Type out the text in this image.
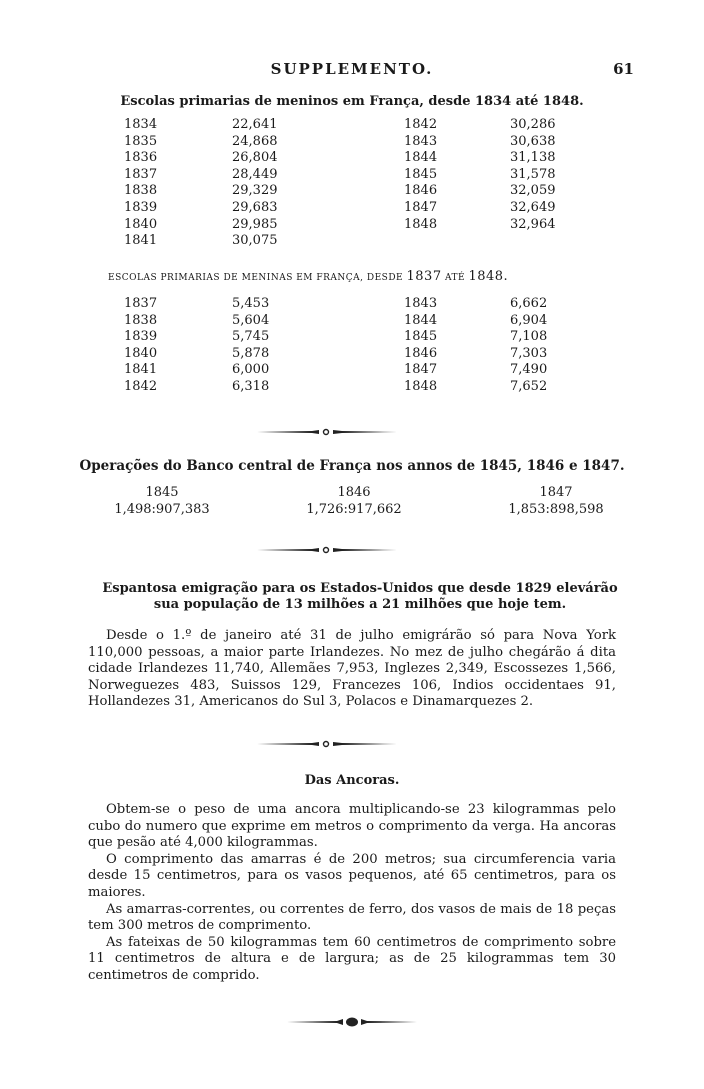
SUPPLEMENTO.	61
Escolas primarias de meninos em França, desde 1834 até 1848.
1834	22,641
1835	24,868
1836	26,804
1837	28,449
1838	29,329
1839	29,683
1840	29,985
1841	30,075
1842	30,286
1843	30,638
1844	31,138
1845	31,578
1846	32,059
1847	32,649
1848	32,964
ESCOLAS PRIMARIAS DE MENINAS EM FRANÇA, DESDE 1837 ATÉ 1848.
1837	5,453
1838	5,604
1839	5,745
1840	5,878
1841	6,000
1842	6,318
1843	6,662
1844	6,904
1845	7,108
1846	7,303
1847	7,490
1848	7,652
Operações do Banco central de França nos annos de 1845, 1846 e 1847.
1845
1,498:907,383
1846
1,726:917,662
1847
1,853:898,598
Espantosa emigração para os Estados-Unidos que desde 1829 elevárão
sua população de 13 milhões a 21 milhões que hoje tem.

Desde o 1.º de janeiro até 31 de julho emigrárão só para Nova York 110,000 pessoas, a maior parte Irlandezes. No mez de julho chegárão á dita cidade Irlandezes 11,740, Allemães 7,953, Inglezes 2,349, Escossezes 1,566, Norweguezes 483, Suissos 129, Francezes 106, Indios occidentaes 91, Hollandezes 31, Americanos do Sul 3, Polacos e Dinamarquezes 2.

Das Ancoras.

Obtem-se o peso de uma ancora multiplicando-se 23 kilogrammas pelo cubo do numero que exprime em metros o comprimento da verga. Ha ancoras que pesão até 4,000 kilogrammas.

O comprimento das amarras é de 200 metros; sua circumferencia varia desde 15 centimetros, para os vasos pequenos, até 65 centimetros, para os maiores.

As amarras-correntes, ou correntes de ferro, dos vasos de mais de 18 peças tem 300 metros de comprimento.

As fateixas de 50 kilogrammas tem 60 centimetros de comprimento sobre 11 centimetros de altura e de largura; as de 25 kilogrammas tem 30 centimetros de comprido.
